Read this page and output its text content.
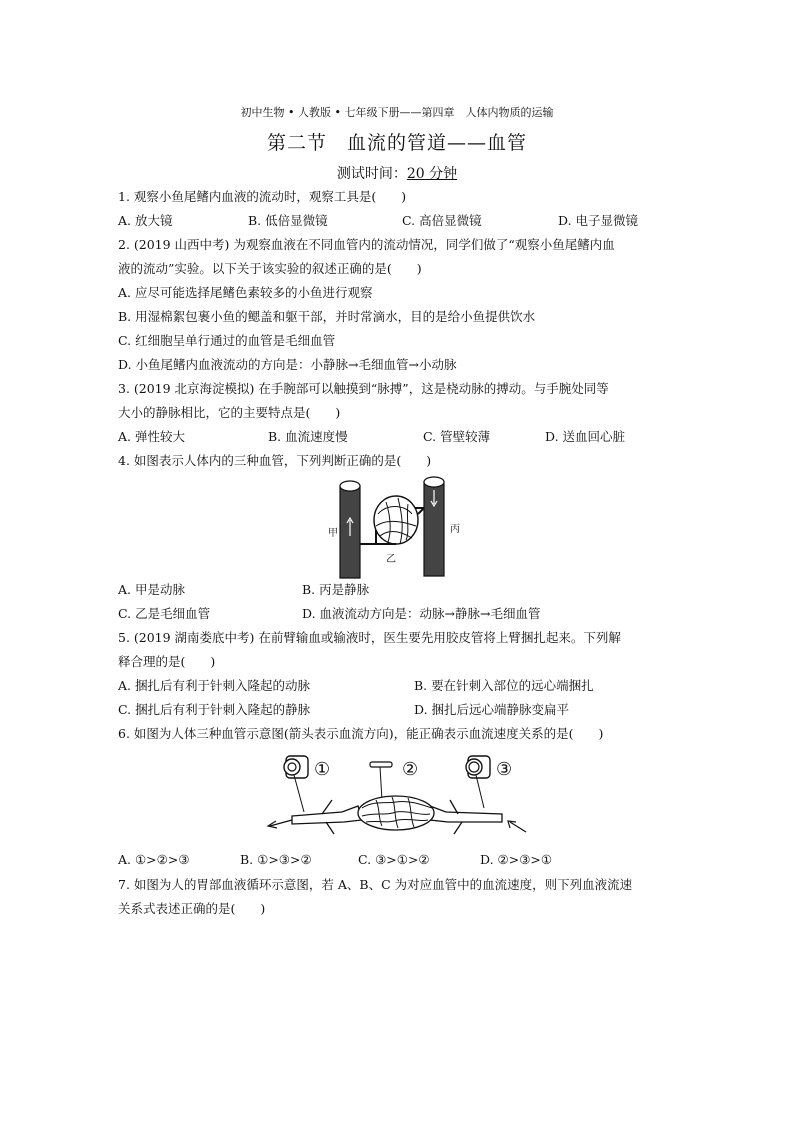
初中生物 • 人教版 • 七年级下册——第四章　人体内物质的运输
第二节　血流的管道——血管
测试时间：20 分钟
1. 观察小鱼尾鳍内血液的流动时，观察工具是(　　)
A. 放大镜	B. 低倍显微镜	C. 高倍显微镜	D. 电子显微镜
2. (2019 山西中考) 为观察血液在不同血管内的流动情况，同学们做了“观察小鱼尾鳍内血
液的流动”实验。以下关于该实验的叙述正确的是(　　)
A. 应尽可能选择尾鳍色素较多的小鱼进行观察
B. 用湿棉絮包裹小鱼的鳃盖和躯干部，并时常滴水，目的是给小鱼提供饮水
C. 红细胞呈单行通过的血管是毛细血管
D. 小鱼尾鳍内血液流动的方向是：小静脉→毛细血管→小动脉
3. (2019 北京海淀模拟) 在手腕部可以触摸到“脉搏”，这是桡动脉的搏动。与手腕处同等
大小的静脉相比，它的主要特点是(　　)
A. 弹性较大	B. 血流速度慢	C. 管壁较薄	D. 送血回心脏
4. 如图表示人体内的三种血管，下列判断正确的是(　　)
甲
乙
丙
A. 甲是动脉	B. 丙是静脉
C. 乙是毛细血管	D. 血液流动方向是：动脉→静脉→毛细血管
5. (2019 湖南娄底中考) 在前臂输血或输液时，医生要先用胶皮管将上臂捆扎起来。下列解
释合理的是(　　)
A. 捆扎后有利于针刺入隆起的动脉	B. 要在针刺入部位的远心端捆扎
C. 捆扎后有利于针刺入隆起的静脉	D. 捆扎后远心端静脉变扁平
6. 如图为人体三种血管示意图(箭头表示血流方向)，能正确表示血流速度关系的是(　　)
①	②	③
A. ①>②>③	B. ①>③>②	C. ③>①>②	D. ②>③>①
7. 如图为人的胃部血液循环示意图，若 A、B、C 为对应血管中的血流速度，则下列血液流速
关系式表述正确的是(　　)
